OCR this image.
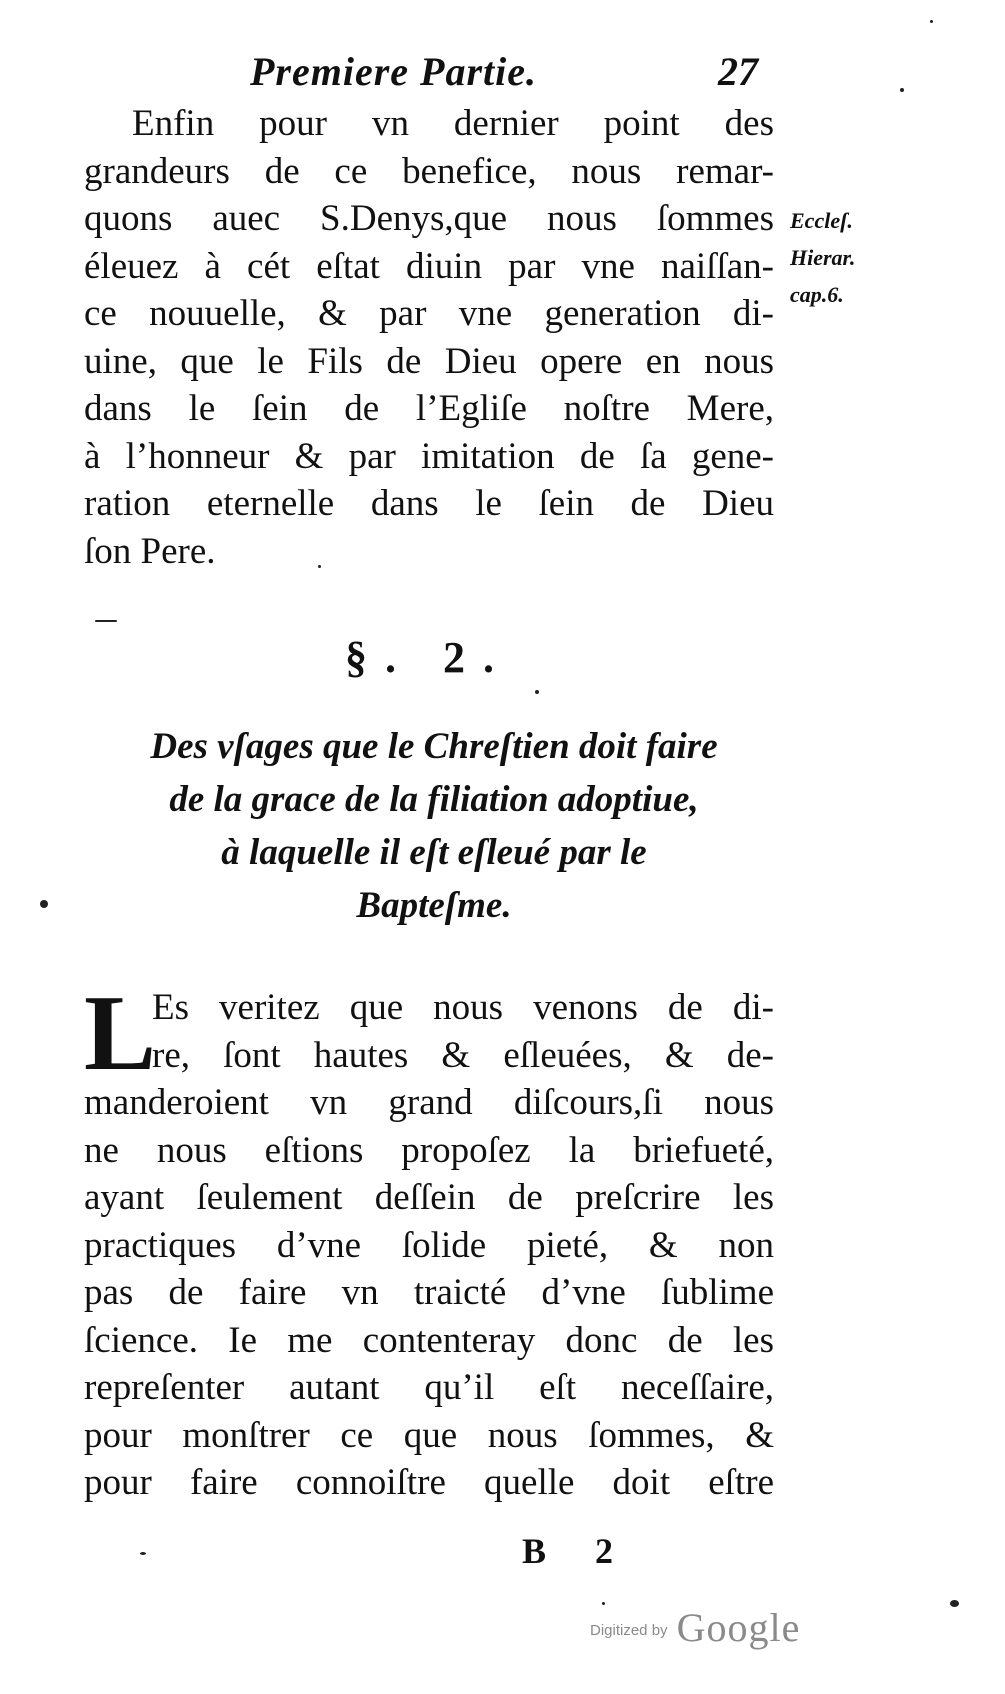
Premiere Partie.	27
Enfin pour vn dernier point des
grandeurs de ce benefice, nous remar-
quons auec S.Denys,que nous ſommes
éleuez à cét eſtat diuin par vne naiſſan-
ce nouuelle, & par vne generation di-
uine, que le Fils de Dieu opere en nous
dans le ſein de l’Egliſe noſtre Mere,
à l’honneur & par imitation de ſa gene-
ration eternelle dans le ſein de Dieu
ſon Pere.
Eccleſ.
Hierar.
cap.6.
§. 2.
Des vſages que le Chreſtien doit faire
de la grace de la filiation adoptiue,
à laquelle il eſt eſleué par le
Bapteſme.
L
Es veritez que nous venons de di-
re, ſont hautes & eſleuées, & de-
manderoient vn grand diſcours,ſi nous
ne nous eſtions propoſez la briefueté,
ayant ſeulement deſſein de preſcrire les
practiques d’vne ſolide pieté, & non
pas de faire vn traicté d’vne ſublime
ſcience. Ie me contenteray donc de les
repreſenter autant qu’il eſt neceſſaire,
pour monſtrer ce que nous ſommes, &
pour faire connoiſtre quelle doit eſtre
B 2
Digitized by Google
